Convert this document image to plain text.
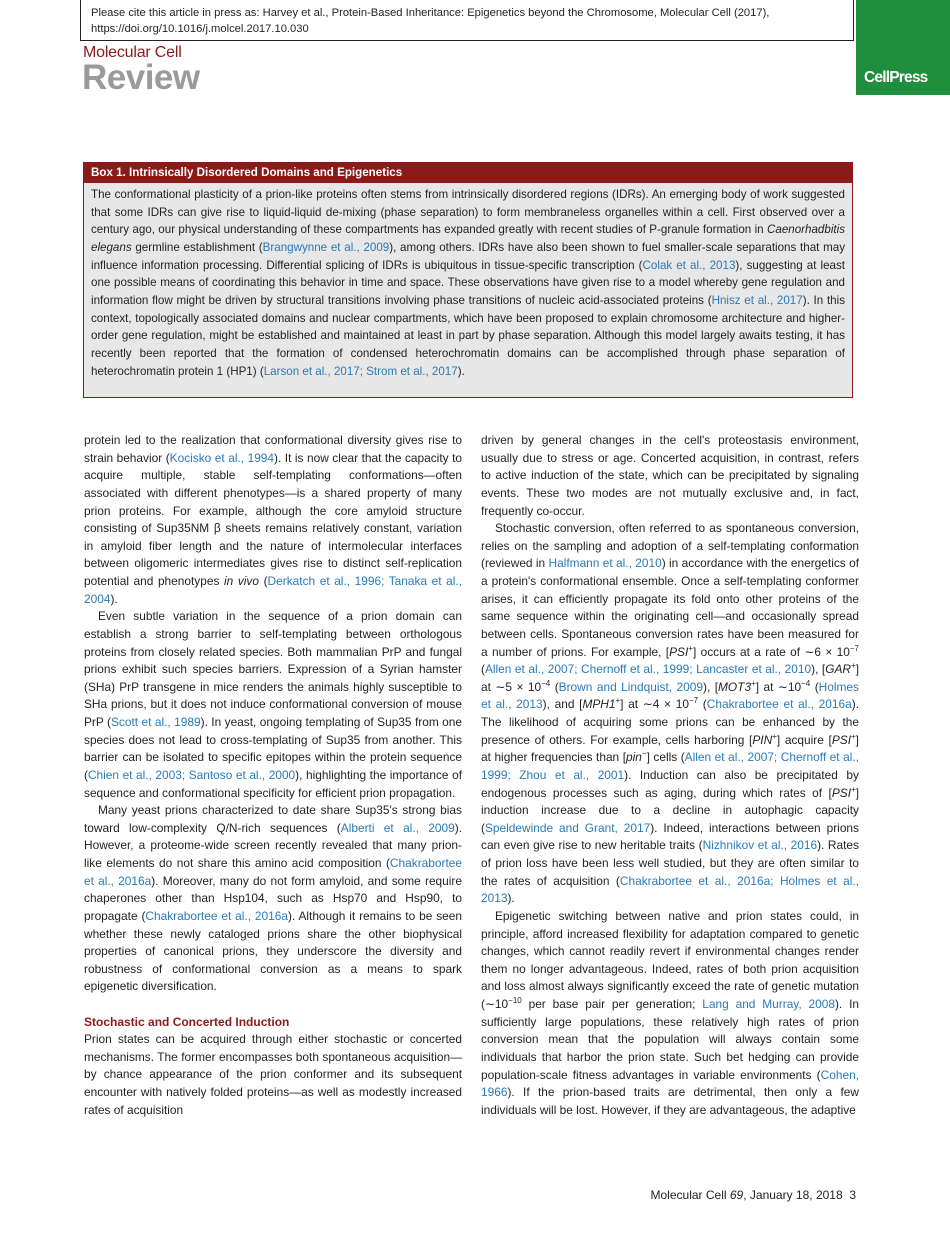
Please cite this article in press as: Harvey et al., Protein-Based Inheritance: Epigenetics beyond the Chromosome, Molecular Cell (2017), https://doi.org/10.1016/j.molcel.2017.10.030
Molecular Cell
Review	CellPress
Box 1. Intrinsically Disordered Domains and Epigenetics
The conformational plasticity of a prion-like proteins often stems from intrinsically disordered regions (IDRs). An emerging body of work suggested that some IDRs can give rise to liquid-liquid de-mixing (phase separation) to form membraneless organelles within a cell. First observed over a century ago, our physical understanding of these compartments has expanded greatly with recent studies of P-granule formation in Caenorhadbitis elegans germline establishment (Brangwynne et al., 2009), among others. IDRs have also been shown to fuel smaller-scale separations that may influence information processing. Differential splicing of IDRs is ubiquitous in tissue-specific transcription (Colak et al., 2013), suggesting at least one possible means of coordinating this behavior in time and space. These observations have given rise to a model whereby gene regulation and information flow might be driven by structural transitions involving phase transitions of nucleic acid-associated proteins (Hnisz et al., 2017). In this context, topologically associated domains and nuclear compartments, which have been proposed to explain chromosome architecture and higher-order gene regulation, might be established and maintained at least in part by phase separation. Although this model largely awaits testing, it has recently been reported that the formation of condensed heterochromatin domains can be accomplished through phase separation of heterochromatin protein 1 (HP1) (Larson et al., 2017; Strom et al., 2017).

protein led to the realization that conformational diversity gives rise to strain behavior (Kocisko et al., 1994). It is now clear that the capacity to acquire multiple, stable self-templating conformations—often associated with different phenotypes—is a shared property of many prion proteins. For example, although the core amyloid structure consisting of Sup35NM β sheets remains relatively constant, variation in amyloid fiber length and the nature of intermolecular interfaces between oligomeric intermediates gives rise to distinct self-replication potential and phenotypes in vivo (Derkatch et al., 1996; Tanaka et al., 2004).

Even subtle variation in the sequence of a prion domain can establish a strong barrier to self-templating between orthologous proteins from closely related species. Both mammalian PrP and fungal prions exhibit such species barriers. Expression of a Syrian hamster (SHa) PrP transgene in mice renders the animals highly susceptible to SHa prions, but it does not induce conformational conversion of mouse PrP (Scott et al., 1989). In yeast, ongoing templating of Sup35 from one species does not lead to cross-templating of Sup35 from another. This barrier can be isolated to specific epitopes within the protein sequence (Chien et al., 2003; Santoso et al., 2000), highlighting the importance of sequence and conformational specificity for efficient prion propagation.

Many yeast prions characterized to date share Sup35's strong bias toward low-complexity Q/N-rich sequences (Alberti et al., 2009). However, a proteome-wide screen recently revealed that many prion-like elements do not share this amino acid composition (Chakrabortee et al., 2016a). Moreover, many do not form amyloid, and some require chaperones other than Hsp104, such as Hsp70 and Hsp90, to propagate (Chakrabortee et al., 2016a). Although it remains to be seen whether these newly cataloged prions share the other biophysical properties of canonical prions, they underscore the diversity and robustness of conformational conversion as a means to spark epigenetic diversification.

Stochastic and Concerted Induction

Prion states can be acquired through either stochastic or concerted mechanisms. The former encompasses both spontaneous acquisition—by chance appearance of the prion conformer and its subsequent encounter with natively folded proteins—as well as modestly increased rates of acquisition

driven by general changes in the cell's proteostasis environment, usually due to stress or age. Concerted acquisition, in contrast, refers to active induction of the state, which can be precipitated by signaling events. These two modes are not mutually exclusive and, in fact, frequently co-occur.

Stochastic conversion, often referred to as spontaneous conversion, relies on the sampling and adoption of a self-templating conformation (reviewed in Halfmann et al., 2010) in accordance with the energetics of a protein's conformational ensemble. Once a self-templating conformer arises, it can efficiently propagate its fold onto other proteins of the same sequence within the originating cell—and occasionally spread between cells. Spontaneous conversion rates have been measured for a number of prions. For example, [PSI+] occurs at a rate of ∼6 × $10^{-7}$ (Allen et al., 2007; Chernoff et al., 1999; Lancaster et al., 2010), [GAR+] at ∼5 × $10^{-4}$ (Brown and Lindquist, 2009), [MOT3+] at $\sim 10^{-4}$ (Holmes et al., 2013), and [MPH1+] at ∼4 × $10^{-7}$ (Chakrabortee et al., 2016a). The likelihood of acquiring some prions can be enhanced by the presence of others. For example, cells harboring [PIN+] acquire [PSI+] at higher frequencies than [pin−] cells (Allen et al., 2007; Chernoff et al., 1999; Zhou et al., 2001). Induction can also be precipitated by endogenous processes such as aging, during which rates of [PSI+] induction increase due to a decline in autophagic capacity (Speldewinde and Grant, 2017). Indeed, interactions between prions can even give rise to new heritable traits (Nizhnikov et al., 2016). Rates of prion loss have been less well studied, but they are often similar to the rates of acquisition (Chakrabortee et al., 2016a; Holmes et al., 2013).

Epigenetic switching between native and prion states could, in principle, afford increased flexibility for adaptation compared to genetic changes, which cannot readily revert if environmental changes render them no longer advantageous. Indeed, rates of both prion acquisition and loss almost always significantly exceed the rate of genetic mutation ($\sim 10^{-10}$ per base pair per generation; Lang and Murray, 2008). In sufficiently large populations, these relatively high rates of prion conversion mean that the population will always contain some individuals that harbor the prion state. Such bet hedging can provide population-scale fitness advantages in variable environments (Cohen, 1966). If the prion-based traits are detrimental, then only a few individuals will be lost. However, if they are advantageous, the adaptive

Molecular Cell 69, January 18, 2018 3
